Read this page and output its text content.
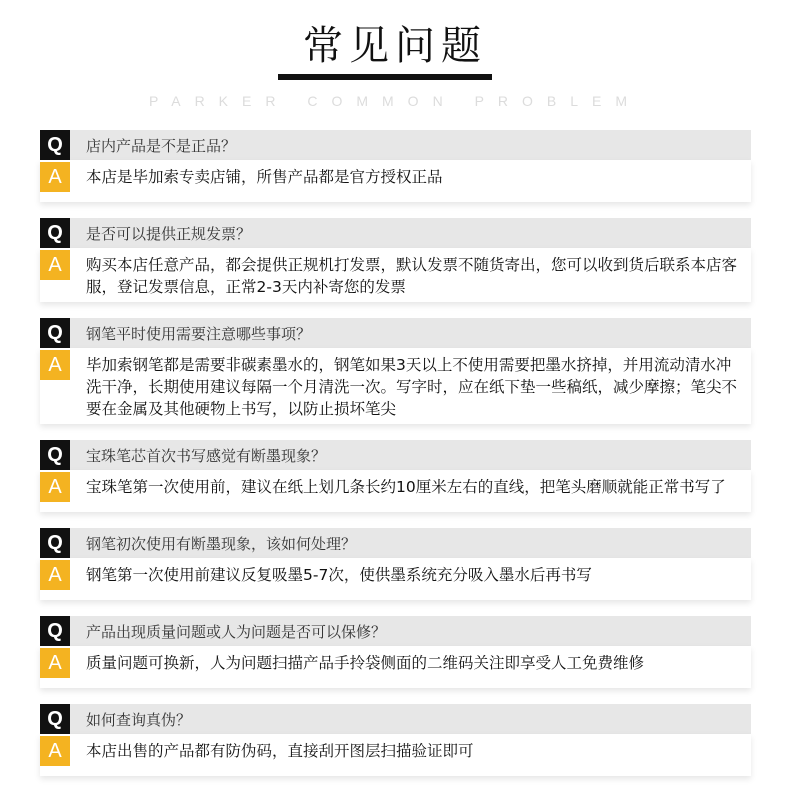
常见问题
PARKER COMMON PROBLEM
Q	店内产品是不是正品？
A	本店是毕加索专卖店铺，所售产品都是官方授权正品
Q	是否可以提供正规发票？
A	购买本店任意产品，都会提供正规机打发票，默认发票不随货寄出，您可以收到货后联系本店客服，登记发票信息，正常2-3天内补寄您的发票
Q	钢笔平时使用需要注意哪些事项？
A	毕加索钢笔都是需要非碳素墨水的，钢笔如果3天以上不使用需要把墨水挤掉，并用流动清水冲洗干净，长期使用建议每隔一个月清洗一次。写字时，应在纸下垫一些稿纸，减少摩擦；笔尖不要在金属及其他硬物上书写，以防止损坏笔尖
Q	宝珠笔芯首次书写感觉有断墨现象？
A	宝珠笔第一次使用前，建议在纸上划几条长约10厘米左右的直线，把笔头磨顺就能正常书写了
Q	钢笔初次使用有断墨现象，该如何处理？
A	钢笔第一次使用前建议反复吸墨5-7次，使供墨系统充分吸入墨水后再书写
Q	产品出现质量问题或人为问题是否可以保修？
A	质量问题可换新，人为问题扫描产品手拎袋侧面的二维码关注即享受人工免费维修
Q	如何查询真伪？
A	本店出售的产品都有防伪码，直接刮开图层扫描验证即可
